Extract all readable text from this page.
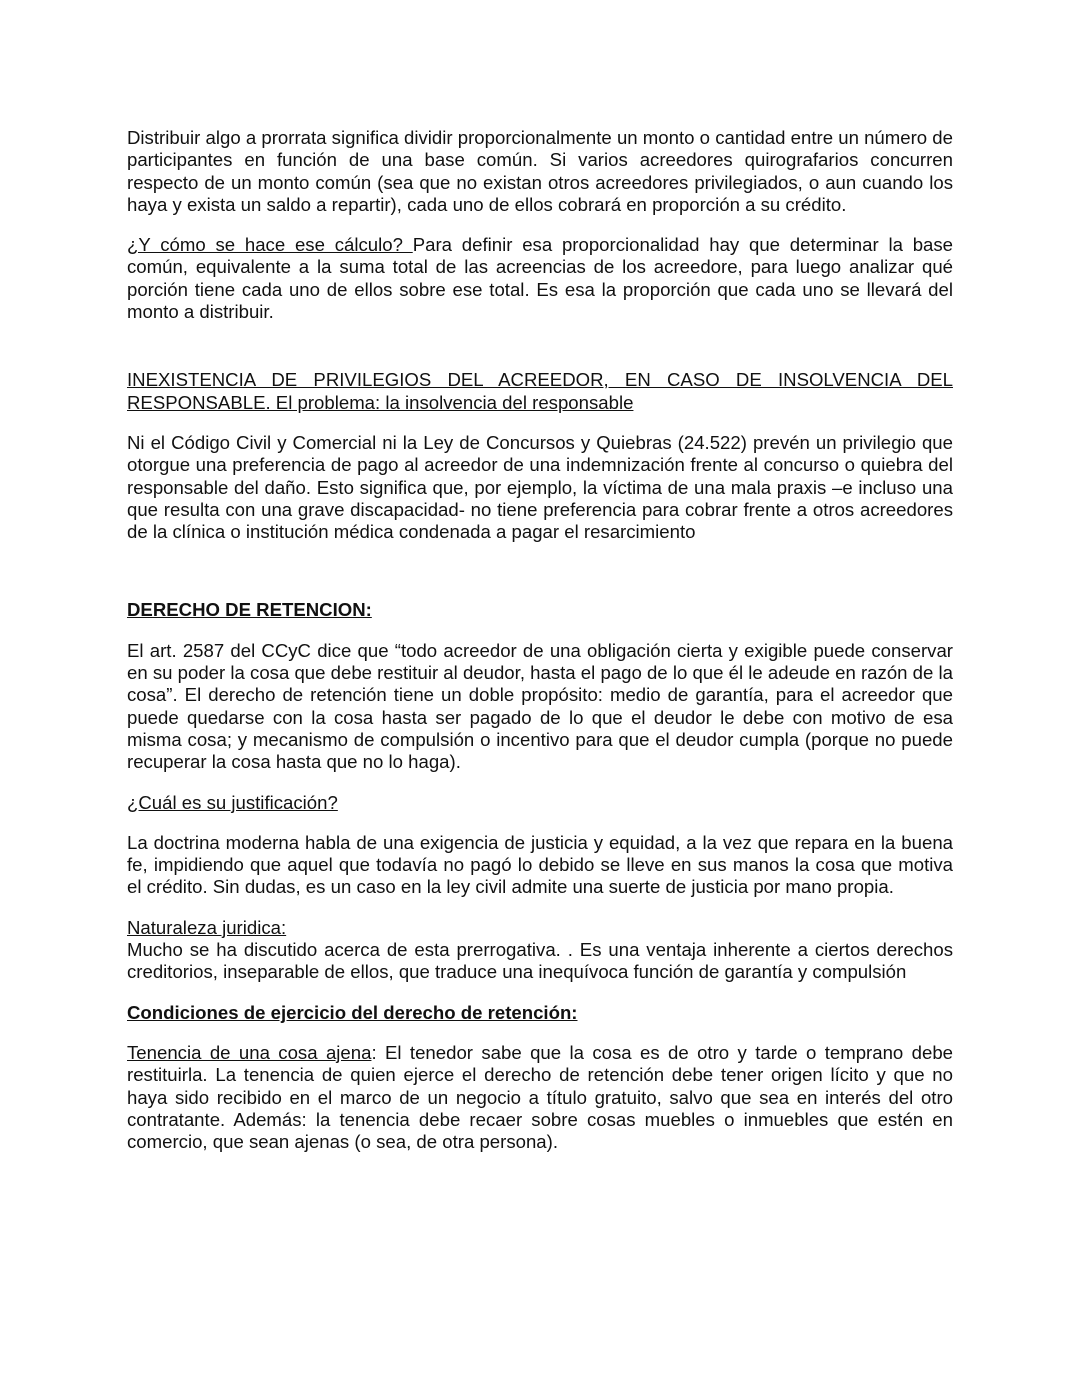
Distribuir algo a prorrata significa dividir proporcionalmente un monto o cantidad entre un número de participantes en función de una base común. Si varios acreedores quirografarios concurren respecto de un monto común (sea que no existan otros acreedores privilegiados, o aun cuando los haya y exista un saldo a repartir), cada uno de ellos cobrará en proporción a su crédito.

¿Y cómo se hace ese cálculo? Para definir esa proporcionalidad hay que determinar la base común, equivalente a la suma total de las acreencias de los acreedore, para luego analizar qué porción tiene cada uno de ellos sobre ese total. Es esa la proporción que cada uno se llevará del monto a distribuir.

INEXISTENCIA DE PRIVILEGIOS DEL ACREEDOR, EN CASO DE INSOLVENCIA DEL RESPONSABLE. El problema: la insolvencia del responsable

Ni el Código Civil y Comercial ni la Ley de Concursos y Quiebras (24.522) prevén un privilegio que otorgue una preferencia de pago al acreedor de una indemnización frente al concurso o quiebra del responsable del daño. Esto significa que, por ejemplo, la víctima de una mala praxis –e incluso una que resulta con una grave discapacidad- no tiene preferencia para cobrar frente a otros acreedores de la clínica o institución médica condenada a pagar el resarcimiento

DERECHO DE RETENCION:

El art. 2587 del CCyC dice que “todo acreedor de una obligación cierta y exigible puede conservar en su poder la cosa que debe restituir al deudor, hasta el pago de lo que él le adeude en razón de la cosa”. El derecho de retención tiene un doble propósito: medio de garantía, para el acreedor que puede quedarse con la cosa hasta ser pagado de lo que el deudor le debe con motivo de esa misma cosa; y mecanismo de compulsión o incentivo para que el deudor cumpla (porque no puede recuperar la cosa hasta que no lo haga).

¿Cuál es su justificación?

La doctrina moderna habla de una exigencia de justicia y equidad, a la vez que repara en la buena fe, impidiendo que aquel que todavía no pagó lo debido se lleve en sus manos la cosa que motiva el crédito. Sin dudas, es un caso en la ley civil admite una suerte de justicia por mano propia.

Naturaleza juridica:

Mucho se ha discutido acerca de esta prerrogativa. . Es una ventaja inherente a ciertos derechos creditorios, inseparable de ellos, que traduce una inequívoca función de garantía y compulsión

Condiciones de ejercicio del derecho de retención:

Tenencia de una cosa ajena: El tenedor sabe que la cosa es de otro y tarde o temprano debe restituirla. La tenencia de quien ejerce el derecho de retención debe tener origen lícito y que no haya sido recibido en el marco de un negocio a título gratuito, salvo que sea en interés del otro contratante. Además: la tenencia debe recaer sobre cosas muebles o inmuebles que estén en comercio, que sean ajenas (o sea, de otra persona).
